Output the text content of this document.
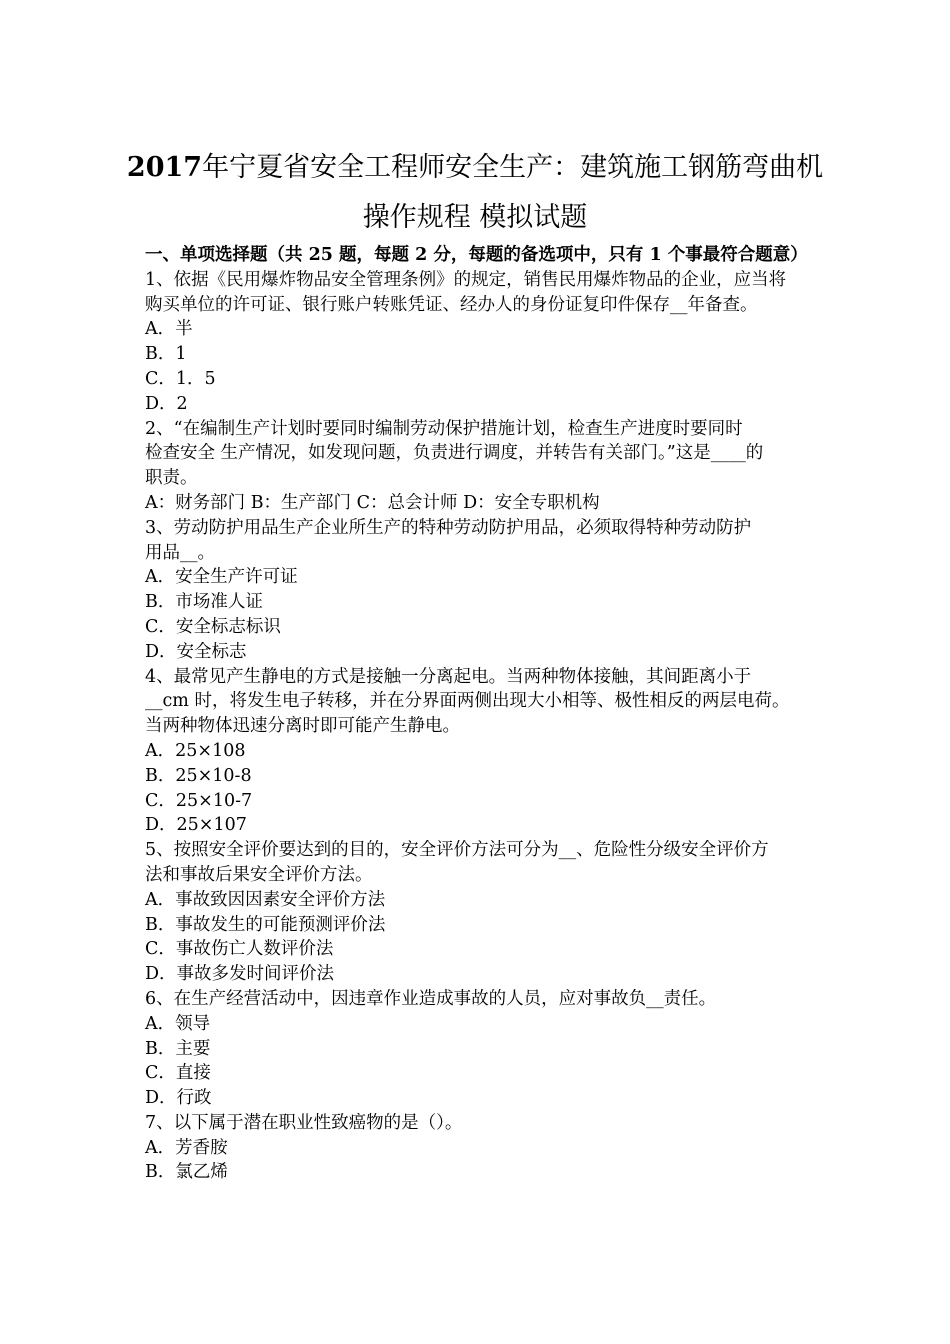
2017年宁夏省安全工程师安全生产：建筑施工钢筋弯曲机
操作规程 模拟试题
一、单项选择题（共 25 题，每题 2 分，每题的备选项中，只有 1 个事最符合题意）
1、依据《民用爆炸物品安全管理条例》的规定，销售民用爆炸物品的企业，应当将
购买单位的许可证、银行账户转账凭证、经办人的身份证复印件保存__年备查。
A．半
B．1
C．1．5
D．2
2、“在编制生产计划时要同时编制劳动保护措施计划，检查生产进度时要同时
检查安全 生产情况，如发现问题，负责进行调度，并转告有关部门。”这是____的
职责。
A：财务部门 B：生产部门 C：总会计师 D：安全专职机构
3、劳动防护用品生产企业所生产的特种劳动防护用品，必须取得特种劳动防护
用品__。
A．安全生产许可证
B．市场准人证
C．安全标志标识
D．安全标志
4、最常见产生静电的方式是接触一分离起电。当两种物体接触，其间距离小于
__cm 时，将发生电子转移，并在分界面两侧出现大小相等、极性相反的两层电荷。
当两种物体迅速分离时即可能产生静电。
A．25×108
B．25×10-8
C．25×10-7
D．25×107
5、按照安全评价要达到的目的，安全评价方法可分为__、危险性分级安全评价方
法和事故后果安全评价方法。
A．事故致因因素安全评价方法
B．事故发生的可能预测评价法
C．事故伤亡人数评价法
D．事故多发时间评价法
6、在生产经营活动中，因违章作业造成事故的人员，应对事故负__责任。
A．领导
B．主要
C．直接
D．行政
7、以下属于潜在职业性致癌物的是（）。
A．芳香胺
B．氯乙烯
